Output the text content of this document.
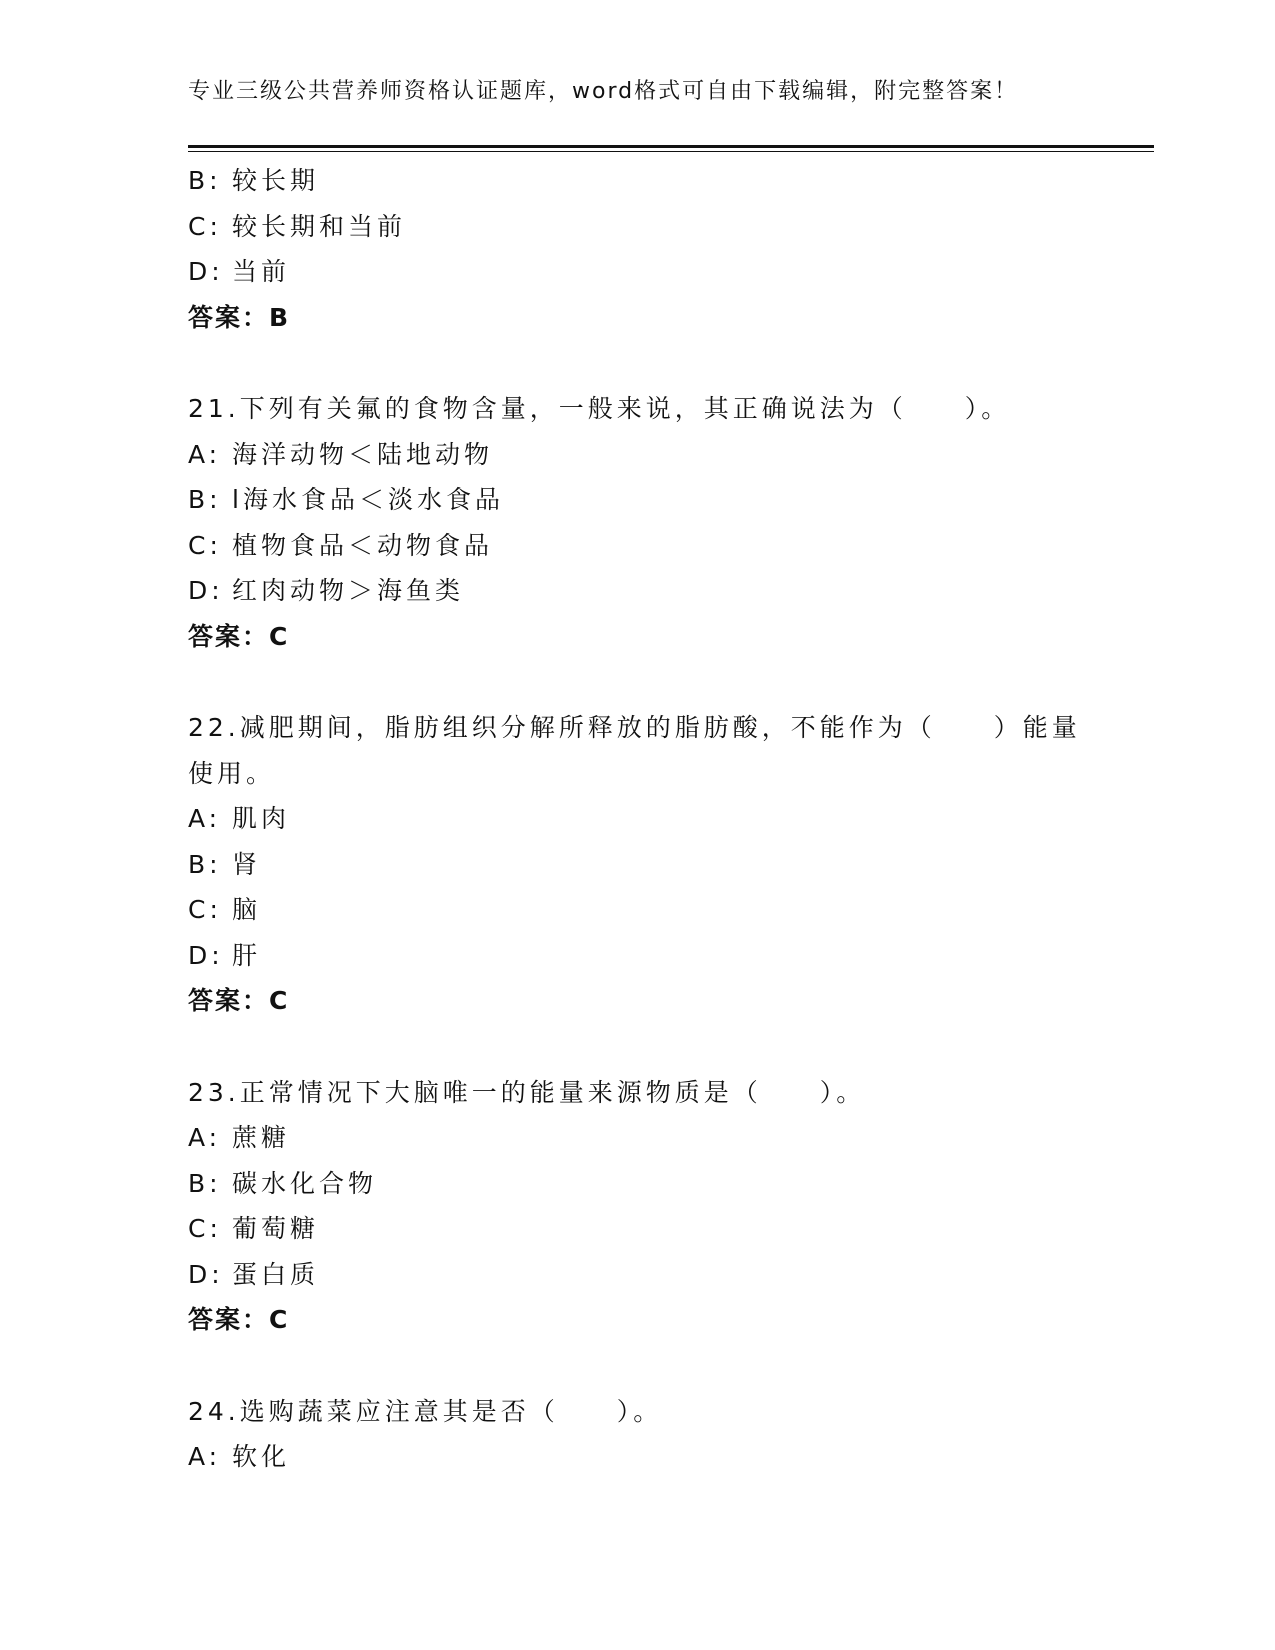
专业三级公共营养师资格认证题库，word格式可自由下载编辑，附完整答案！
B: 较长期
C: 较长期和当前
D: 当前
答案：B
21.下列有关氟的食物含量，一般来说，其正确说法为（　　）。
A: 海洋动物＜陆地动物
B: l海水食品＜淡水食品
C: 植物食品＜动物食品
D: 红肉动物＞海鱼类
答案：C
22.减肥期间，脂肪组织分解所释放的脂肪酸，不能作为（　　）能量
使用。
A: 肌肉
B: 肾
C: 脑
D: 肝
答案：C
23.正常情况下大脑唯一的能量来源物质是（　　）。
A: 蔗糖
B: 碳水化合物
C: 葡萄糖
D: 蛋白质
答案：C
24.选购蔬菜应注意其是否（　　）。
A: 软化
